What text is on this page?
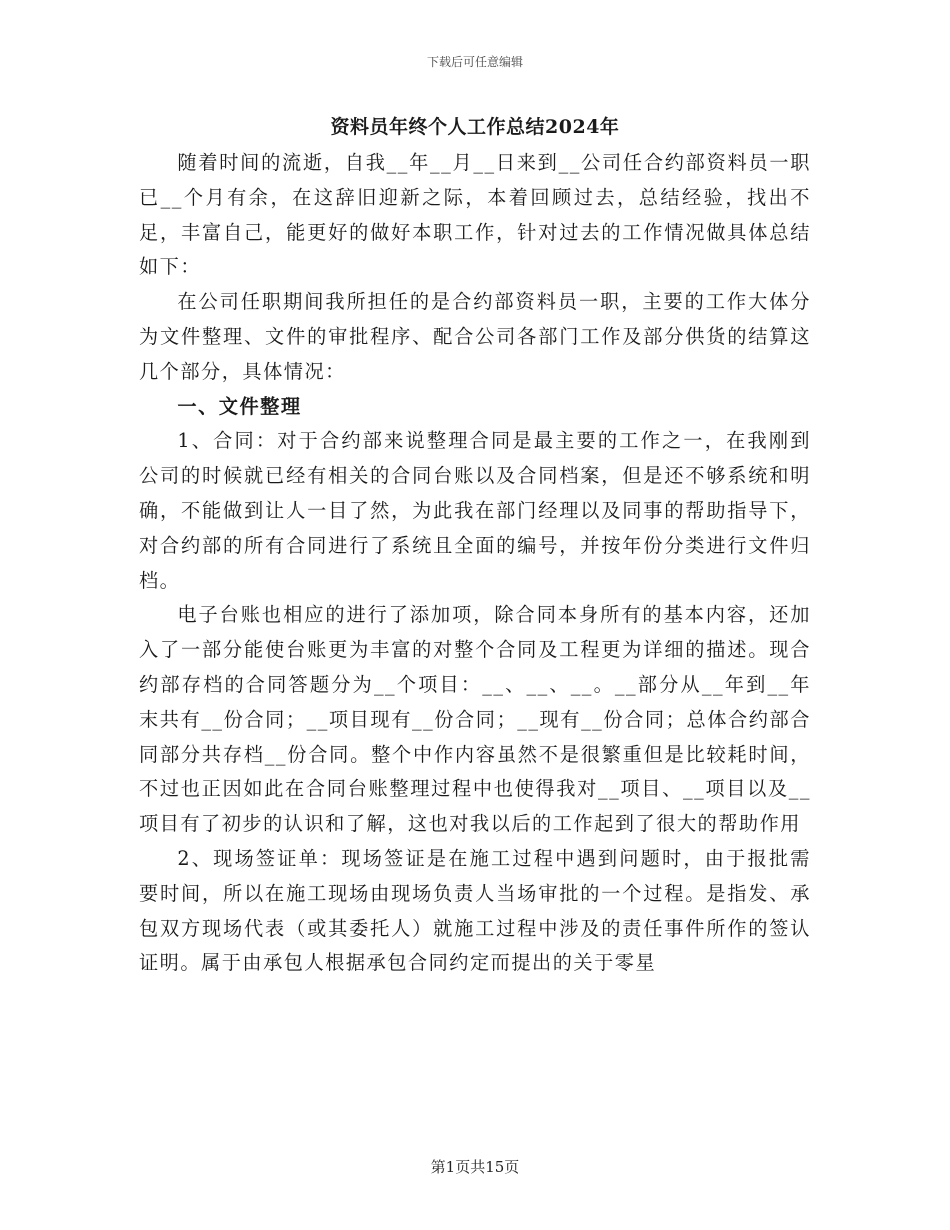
下载后可任意编辑
资料员年终个人工作总结2024年

随着时间的流逝，自我__年__月__日来到__公司任合约部资料员一职已__个月有余，在这辞旧迎新之际，本着回顾过去，总结经验，找出不足，丰富自己，能更好的做好本职工作，针对过去的工作情况做具体总结如下：

在公司任职期间我所担任的是合约部资料员一职，主要的工作大体分为文件整理、文件的审批程序、配合公司各部门工作及部分供货的结算这几个部分，具体情况：

一、文件整理

1、合同：对于合约部来说整理合同是最主要的工作之一，在我刚到公司的时候就已经有相关的合同台账以及合同档案，但是还不够系统和明确，不能做到让人一目了然，为此我在部门经理以及同事的帮助指导下，对合约部的所有合同进行了系统且全面的编号，并按年份分类进行文件归档。

电子台账也相应的进行了添加项，除合同本身所有的基本内容，还加入了一部分能使台账更为丰富的对整个合同及工程更为详细的描述。现合约部存档的合同答题分为__个项目：__、__、__。__部分从__年到__年末共有__份合同；__项目现有__份合同；__现有__份合同；总体合约部合同部分共存档__份合同。整个中作内容虽然不是很繁重但是比较耗时间，不过也正因如此在合同台账整理过程中也使得我对__项目、__项目以及__项目有了初步的认识和了解，这也对我以后的工作起到了很大的帮助作用

2、现场签证单：现场签证是在施工过程中遇到问题时，由于报批需要时间，所以在施工现场由现场负责人当场审批的一个过程。是指发、承包双方现场代表（或其委托人）就施工过程中涉及的责任事件所作的签认证明。属于由承包人根据承包合同约定而提出的关于零星

第1页共15页
